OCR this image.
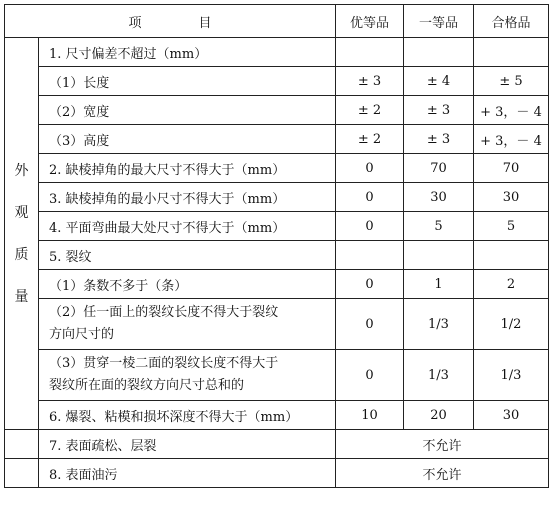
项　目		优等品	一等品	合格品

外
观
质
量	1. 尺寸偏差不超过（mm）			
	（1）长度	± 3	± 4	± 5
	（2）宽度	± 2	± 3	+ 3，－ 4
	（3）高度	± 2	± 3	+ 3，－ 4
	2. 缺棱掉角的最大尺寸不得大于（mm）	0	70	70
	3. 缺棱掉角的最小尺寸不得大于（mm）	0	30	30
	4. 平面弯曲最大处尺寸不得大于（mm）	0	5	5
	5. 裂纹			
	（1）条数不多于（条）	0	1	2
	（2）任一面上的裂纹长度不得大于裂纹
方向尺寸的	0	1/3	1/2
	（3）贯穿一棱二面的裂纹长度不得大于
裂纹所在面的裂纹方向尺寸总和的	0	1/3	1/3
	6. 爆裂、粘模和损坏深度不得大于（mm）	10	20	30
	7. 表面疏松、层裂	不允许		
	8. 表面油污	不允许		
